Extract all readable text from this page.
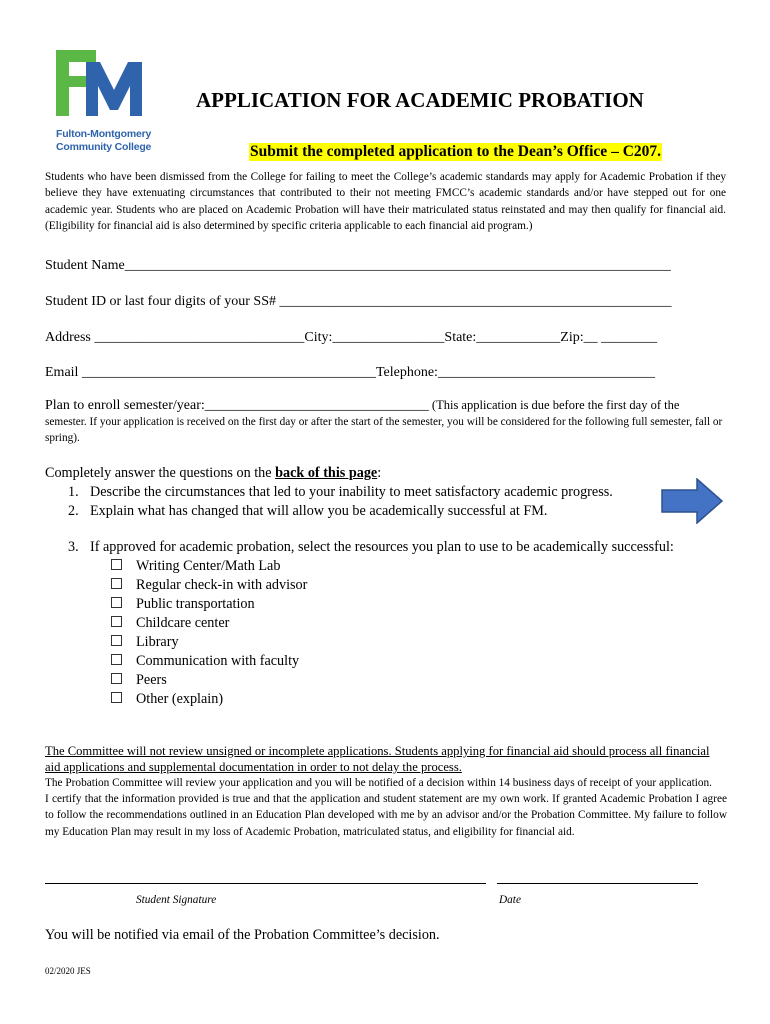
Fulton-Montgomery
Community College
APPLICATION FOR ACADEMIC PROBATION
Submit the completed application to the Dean’s Office – C207.
Students who have been dismissed from the College for failing to meet the College’s academic standards may apply for Academic Probation if they believe they have extenuating circumstances that contributed to their not meeting FMCC’s academic standards and/or have stepped out for one academic year. Students who are placed on Academic Probation will have their matriculated status reinstated and may then qualify for financial aid. (Eligibility for financial aid is also determined by specific criteria applicable to each financial aid program.)
Student Name______________________________________________________________________________
Student ID or last four digits of your SS# ________________________________________________________
Address ______________________________City:________________State:____________Zip:__ ________
Email __________________________________________Telephone:_______________________________
Plan to enroll semester/year:________________________________ (This application is due before the first day of the
semester. If your application is received on the first day or after the start of the semester, you will be considered for the following full semester, fall or spring).
Completely answer the questions on the back of this page:
1. Describe the circumstances that led to your inability to meet satisfactory academic progress.
2. Explain what has changed that will allow you be academically successful at FM.
3. If approved for academic probation, select the resources you plan to use to be academically successful:
Writing Center/Math Lab
Regular check-in with advisor
Public transportation
Childcare center
Library
Communication with faculty
Peers
Other (explain)
The Committee will not review unsigned or incomplete applications. Students applying for financial aid should process all financial aid applications and supplemental documentation in order to not delay the process.
The Probation Committee will review your application and you will be notified of a decision within 14 business days of receipt of your application.
I certify that the information provided is true and that the application and student statement are my own work. If granted Academic Probation I agree to follow the recommendations outlined in an Education Plan developed with me by an advisor and/or the Probation Committee. My failure to follow my Education Plan may result in my loss of Academic Probation, matriculated status, and eligibility for financial aid.
Student Signature	Date
You will be notified via email of the Probation Committee’s decision.
02/2020 JES
